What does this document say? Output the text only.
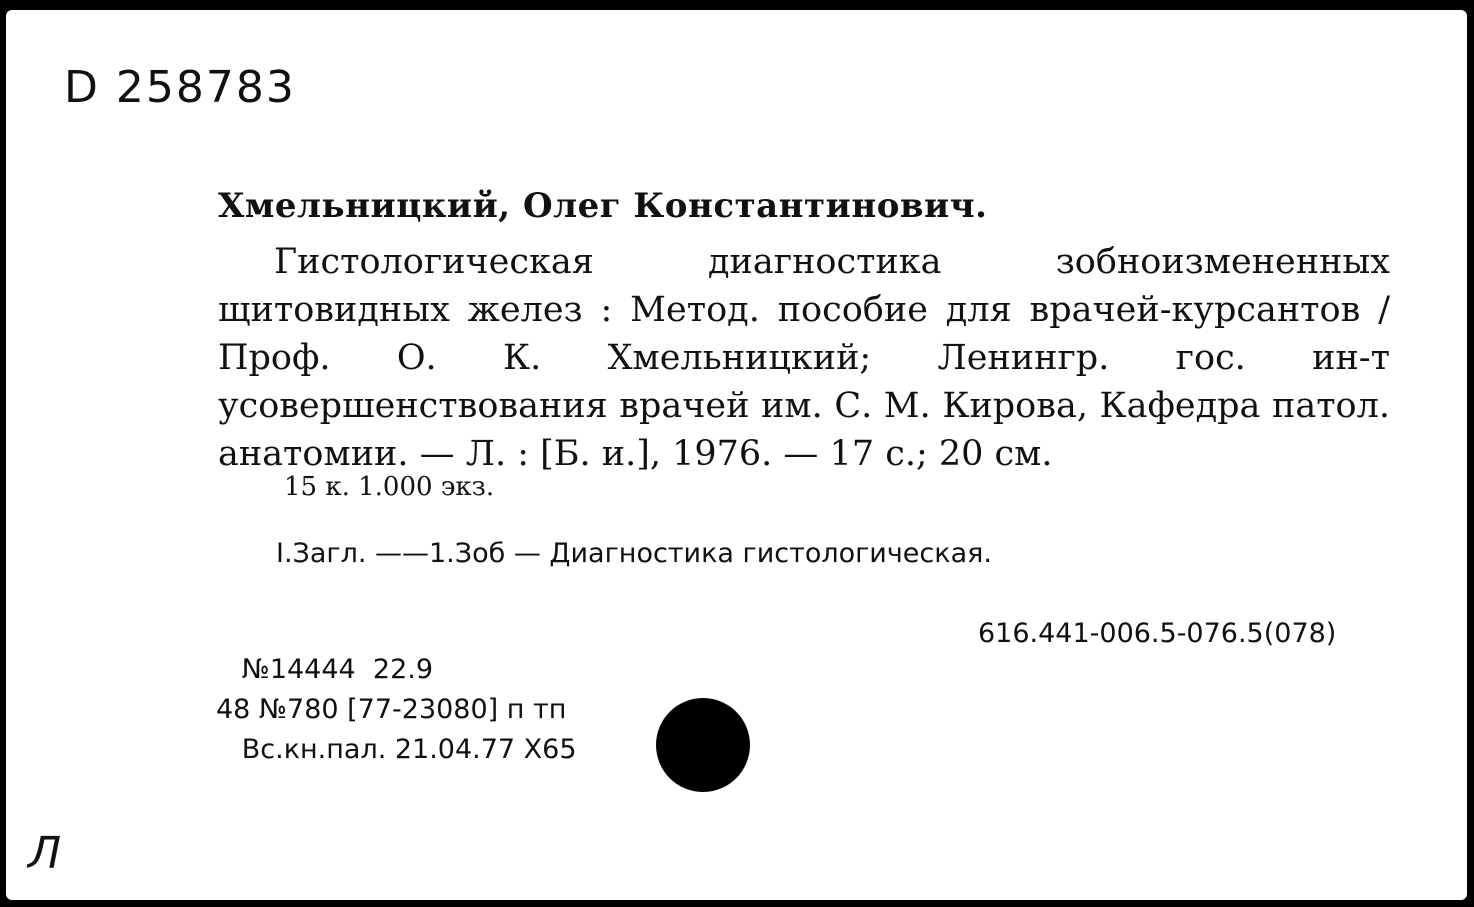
D 258783
Хмельницкий, Олег Константинович.
Гистологическая диагностика зобноизмененных щитовидных желез : Метод. пособие для врачей-курсантов / Проф. О. К. Хмельницкий; Ленингр. гос. ин-т усовершенствования врачей им. С. М. Кирова, Кафедра патол. анатомии. — Л. : [Б. и.], 1976. — 17 с.; 20 см.
15 к. 1.000 экз.
I.Загл. ——1.Зоб — Диагностика гистологическая.
616.441-006.5-076.5(078)
№14444  22.9
48 №780 [77-23080] п тп
Вс.кн.пал. 21.04.77 Х65
Л
